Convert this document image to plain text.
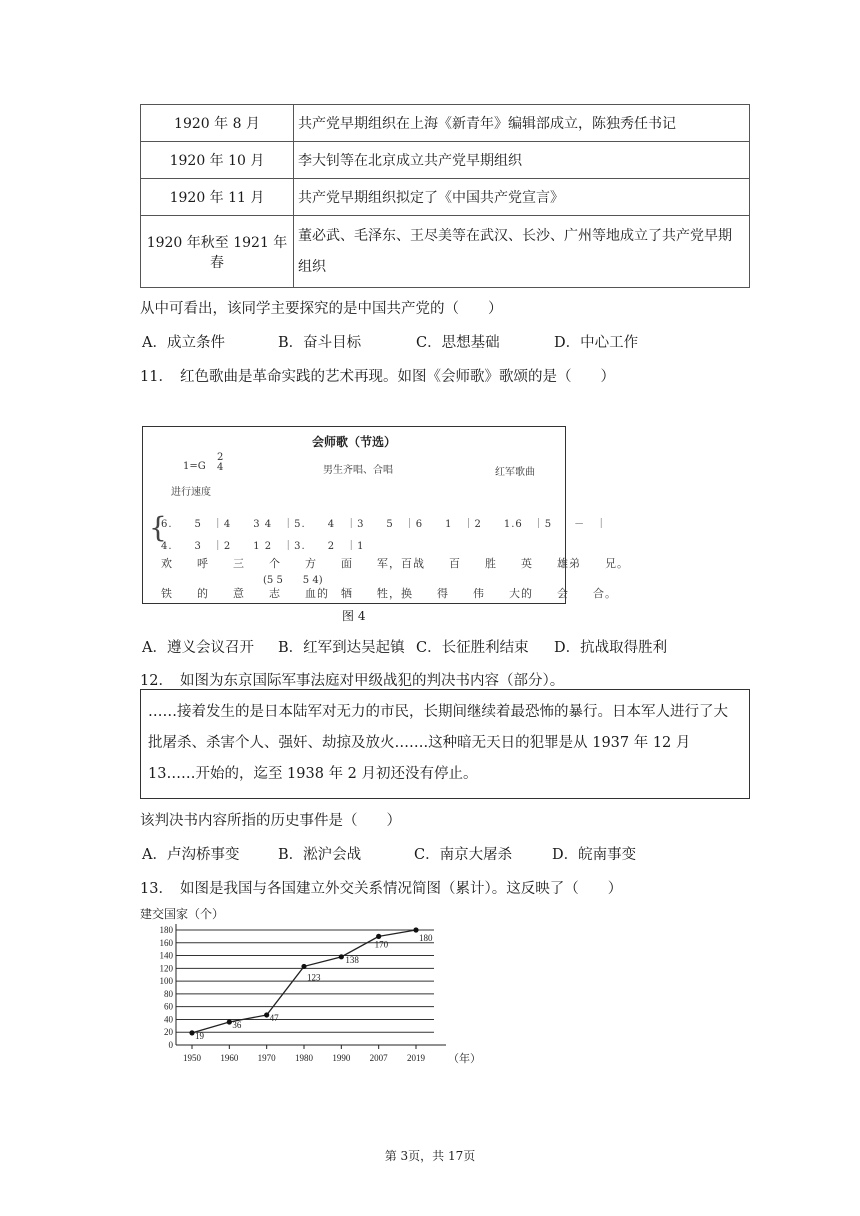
1920 年 8 月	共产党早期组织在上海《新青年》编辑部成立，陈独秀任书记
1920 年 10 月	李大钊等在北京成立共产党早期组织
1920 年 11 月	共产党早期组织拟定了《中国共产党宣言》
1920 年秋至 1921 年春	董必武、毛泽东、王尽美等在武汉、长沙、广州等地成立了共产党早期组织
从中可看出，该同学主要探究的是中国共产党的（　　）
A．成立条件	B．奋斗目标	C．思想基础	D．中心工作
11． 红色歌曲是革命实践的艺术再现。如图《会师歌》歌颂的是（　　）
会师歌（节选）
1=G
2
4	男生齐唱、合唱	红军歌曲
进行速度
{
6.　　5　｜4　　3 4　｜5.　　4　｜3　　5　｜6　　1　｜2　　1.6　｜5　　－　｜
4.　　3　｜2　　1 2　｜3.　　2　｜1
欢　　呼　　三　　个　　方　　面　　军，百战　　百　　胜　　英　　雄弟　　兄。
(5 5　　5 4)
铁　　的　　意　　志　　血的　牺　　牲，换　　得　　伟　　大的　　会　　合。
图 4
A．遵义会议召开	B．红军到达吴起镇 C．长征胜利结束	D．抗战取得胜利
12． 如图为东京国际军事法庭对甲级战犯的判决书内容（部分）。
……接着发生的是日本陆军对无力的市民，长期间继续着最恐怖的暴行。日本军人进行了大批屠杀、杀害个人、强奸、劫掠及放火…….这种暗无天日的犯罪是从 1937 年 12 月 13……开始的，迄至 1938 年 2 月初还没有停止。
该判决书内容所指的历史事件是（　　）
A．卢沟桥事变	B．淞沪会战	C．南京大屠杀	D．皖南事变
13． 如图是我国与各国建立外交关系情况简图（累计）。这反映了（　　）
建交国家（个）
0
20
40
60
80
100
120
140
160
180
1950 1960 1970 1980 1990 2007 2019 （年）
19
36
47
123
138
170
180
第 3页，共 17页
